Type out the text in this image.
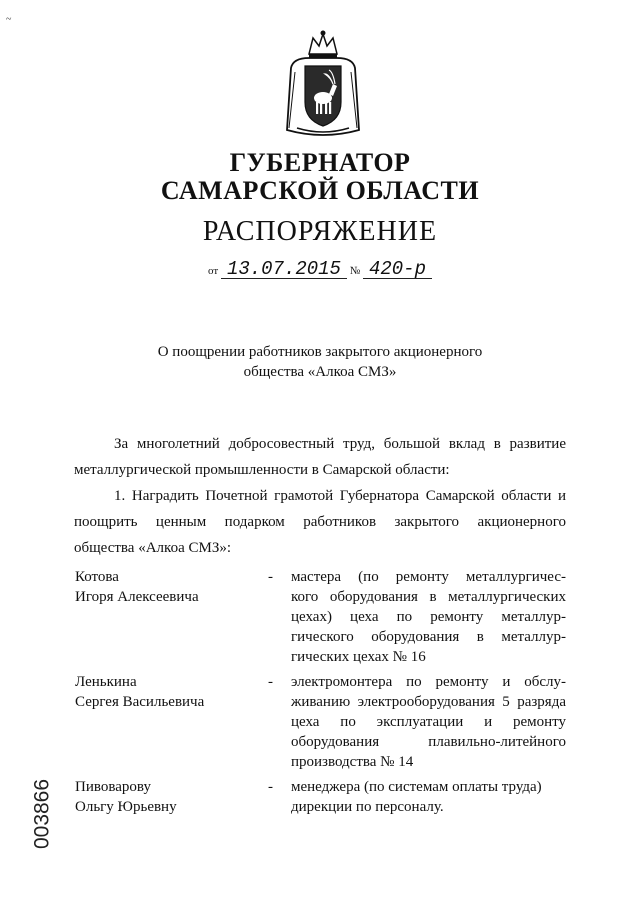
~
ГУБЕРНАТОР
САМАРСКОЙ ОБЛАСТИ
РАСПОРЯЖЕНИЕ
от 13.07.2015 № 420-р
О поощрении работников закрытого акционерного
общества «Алкоа СМЗ»
За многолетний добросовестный труд, большой вклад в развитие
металлургической промышленности в Самарской области:
1. Наградить Почетной грамотой Губернатора Самарской области и
поощрить ценным подарком работников закрытого акционерного
общества «Алкоа СМЗ»:
Котова
Игоря Алексеевича
- мастера (по ремонту металлургичес-
кого оборудования в металлургических
цехах) цеха по ремонту металлур-
гического оборудования в металлур-
гических цехах № 16
Ленькина
Сергея Васильевича
- электромонтера по ремонту и обслу-
живанию электрооборудования 5 разряда
цеха по эксплуатации и ремонту
оборудования плавильно-литейного
производства № 14
Пивоварову
Ольгу Юрьевну
- менеджера (по системам оплаты труда)
дирекции по персоналу.
003866
